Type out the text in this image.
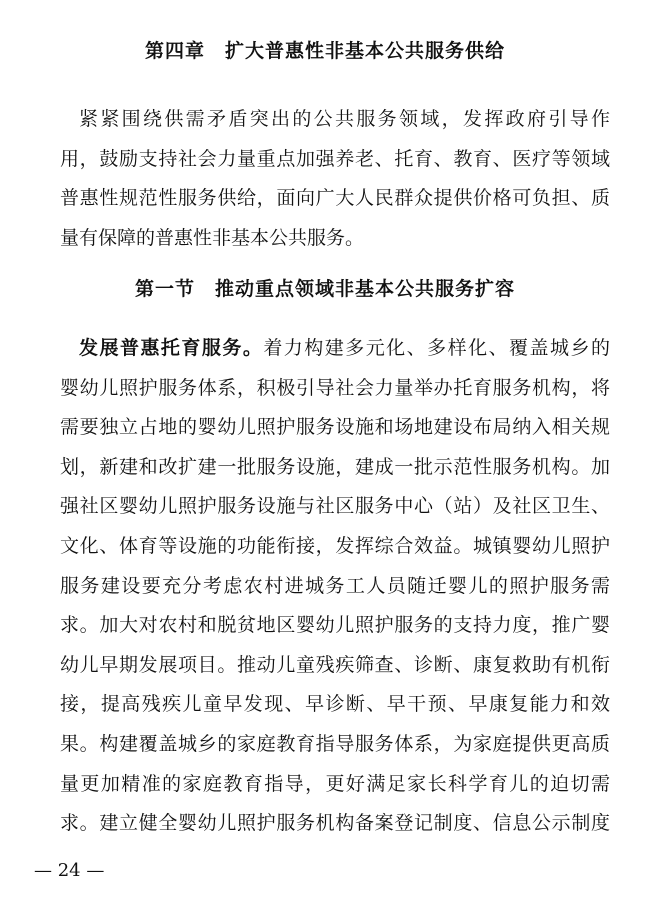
第四章　扩大普惠性非基本公共服务供给
紧紧围绕供需矛盾突出的公共服务领域，发挥政府引导作
用，鼓励支持社会力量重点加强养老、托育、教育、医疗等领域
普惠性规范性服务供给，面向广大人民群众提供价格可负担、质
量有保障的普惠性非基本公共服务。
第一节　推动重点领域非基本公共服务扩容
发展普惠托育服务。着力构建多元化、多样化、覆盖城乡的
婴幼儿照护服务体系，积极引导社会力量举办托育服务机构，将
需要独立占地的婴幼儿照护服务设施和场地建设布局纳入相关规
划，新建和改扩建一批服务设施，建成一批示范性服务机构。加
强社区婴幼儿照护服务设施与社区服务中心（站）及社区卫生、
文化、体育等设施的功能衔接，发挥综合效益。城镇婴幼儿照护
服务建设要充分考虑农村进城务工人员随迁婴儿的照护服务需
求。加大对农村和脱贫地区婴幼儿照护服务的支持力度，推广婴
幼儿早期发展项目。推动儿童残疾筛查、诊断、康复救助有机衔
接，提高残疾儿童早发现、早诊断、早干预、早康复能力和效
果。构建覆盖城乡的家庭教育指导服务体系，为家庭提供更高质
量更加精准的家庭教育指导，更好满足家长科学育儿的迫切需
求。建立健全婴幼儿照护服务机构备案登记制度、信息公示制度
— 24 —
